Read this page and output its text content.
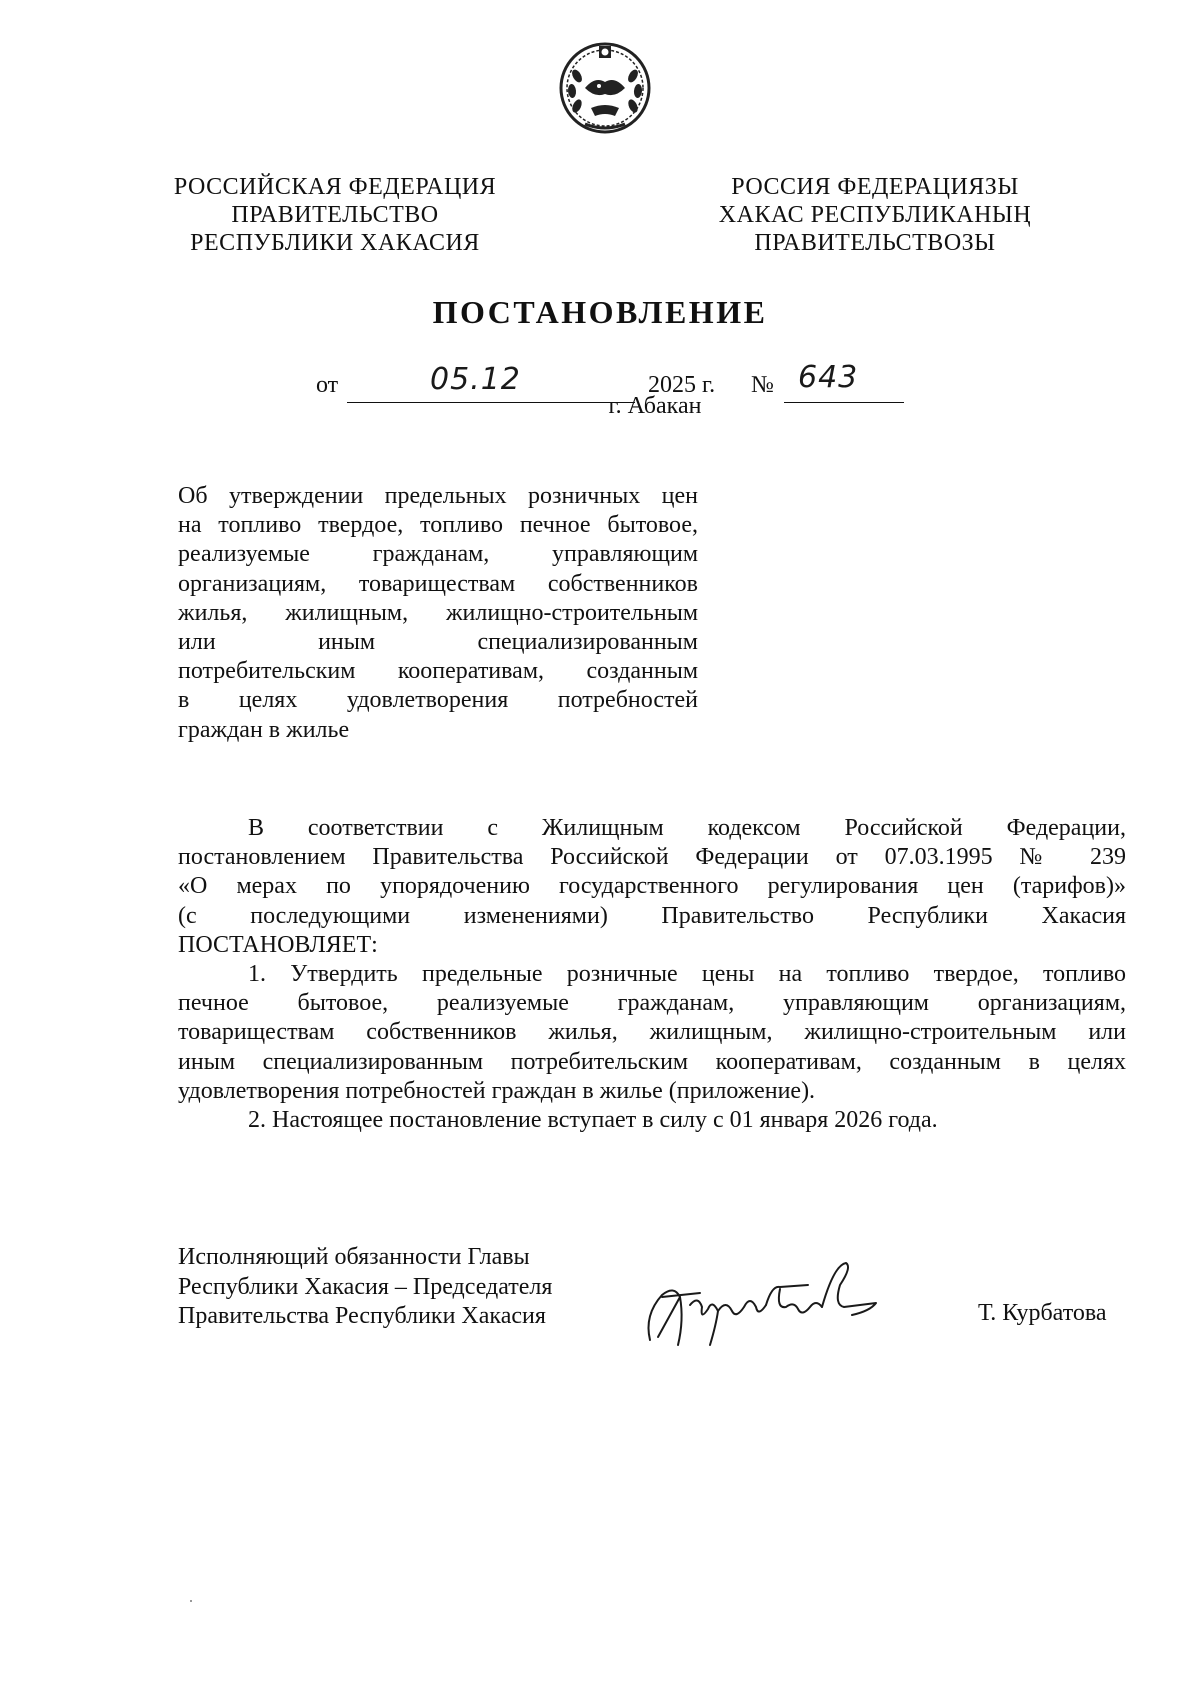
РОССИЙСКАЯ ФЕДЕРАЦИЯ
ПРАВИТЕЛЬСТВО
РЕСПУБЛИКИ ХАКАСИЯ
РОССИЯ ФЕДЕРАЦИЯЗЫ
ХАКАС РЕСПУБЛИКАНЫҢ
ПРАВИТЕЛЬСТВОЗЫ
ПОСТАНОВЛЕНИЕ
от	05.12	2025 г. № 643
г. Абакан
Об утверждении предельных розничных цен
на топливо твердое, топливо печное бытовое,
реализуемые гражданам, управляющим
организациям, товариществам собственников
жилья, жилищным, жилищно-строительным
или иным специализированным
потребительским кооперативам, созданным
в целях удовлетворения потребностей
граждан в жилье
В соответствии с Жилищным кодексом Российской Федерации,
постановлением Правительства Российской Федерации от 07.03.1995 № 239
«О мерах по упорядочению государственного регулирования цен (тарифов)»
(с последующими изменениями) Правительство Республики Хакасия
ПОСТАНОВЛЯЕТ:
1. Утвердить предельные розничные цены на топливо твердое, топливо
печное бытовое, реализуемые гражданам, управляющим организациям,
товариществам собственников жилья, жилищным, жилищно-строительным или
иным специализированным потребительским кооперативам, созданным в целях
удовлетворения потребностей граждан в жилье (приложение).
2. Настоящее постановление вступает в силу с 01 января 2026 года.
Исполняющий обязанности Главы
Республики Хакасия – Председателя
Правительства Республики Хакасия	Т. Курбатова
